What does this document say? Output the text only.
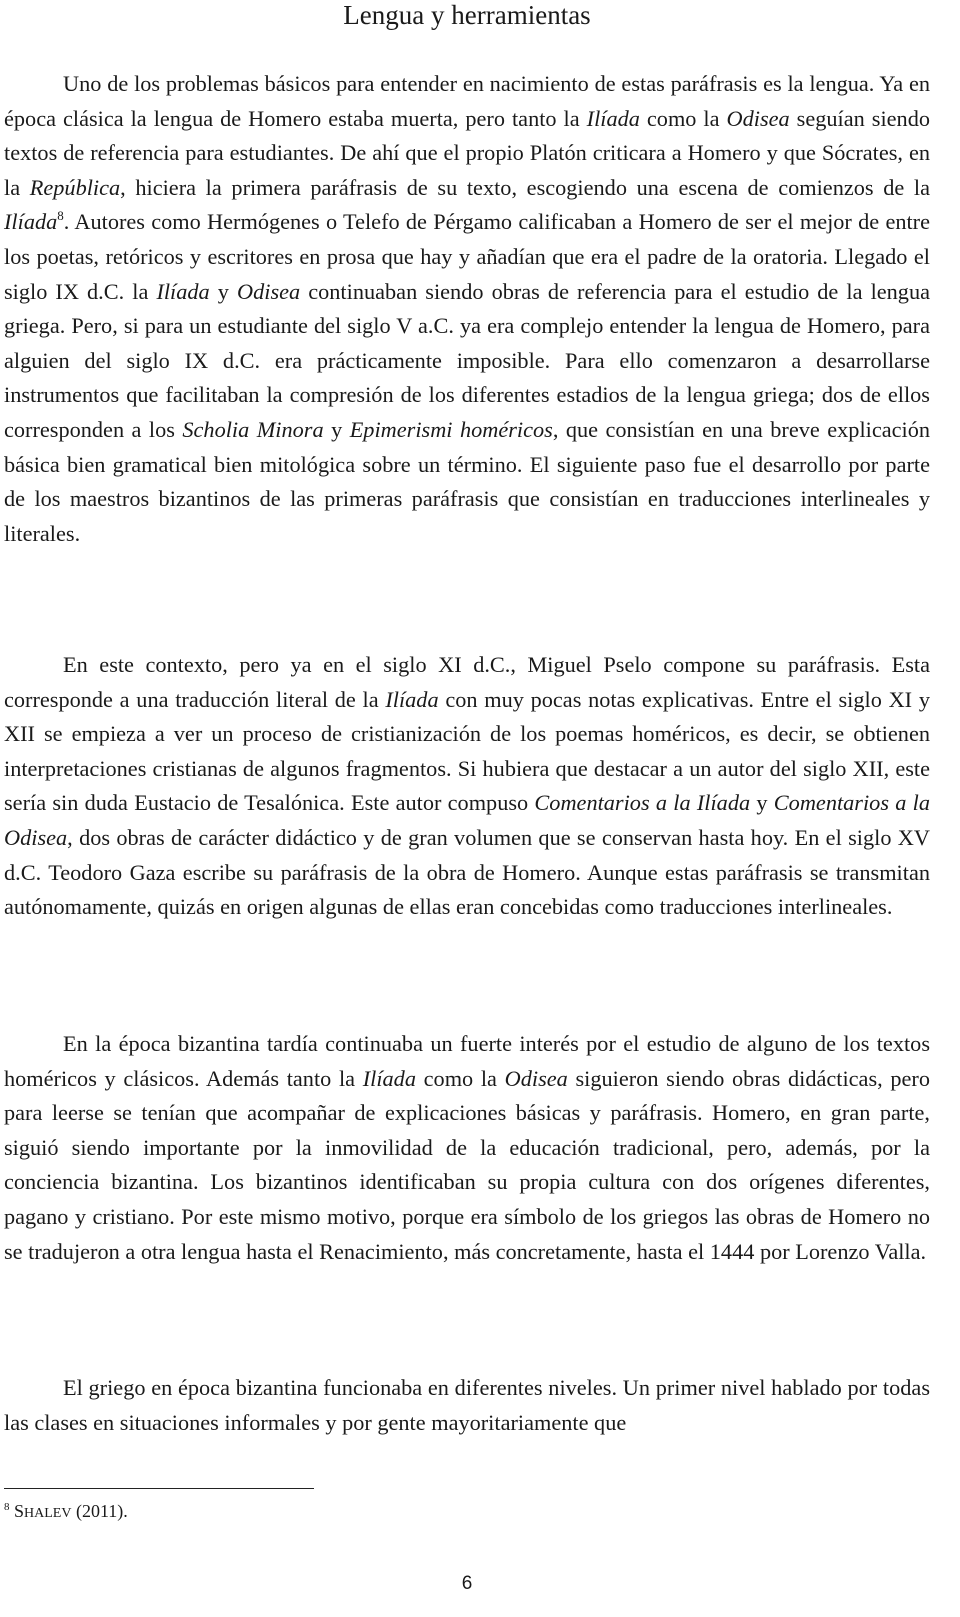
Lengua y herramientas

Uno de los problemas básicos para entender en nacimiento de estas paráfrasis es la lengua. Ya en época clásica la lengua de Homero estaba muerta, pero tanto la Ilíada como la Odisea seguían siendo textos de referencia para estudiantes. De ahí que el propio Platón criticara a Homero y que Sócrates, en la República, hiciera la primera paráfrasis de su texto, escogiendo una escena de comienzos de la Ilíada$^8$. Autores como Hermógenes o Telefo de Pérgamo calificaban a Homero de ser el mejor de entre los poetas, retóricos y escritores en prosa que hay y añadían que era el padre de la oratoria. Llegado el siglo IX d.C. la Ilíada y Odisea continuaban siendo obras de referencia para el estudio de la lengua griega. Pero, si para un estudiante del siglo V a.C. ya era complejo entender la lengua de Homero, para alguien del siglo IX d.C. era prácticamente imposible. Para ello comenzaron a desarrollarse instrumentos que facilitaban la compresión de los diferentes estadios de la lengua griega; dos de ellos corresponden a los Scholia Minora y Epimerismi homéricos, que consistían en una breve explicación básica bien gramatical bien mitológica sobre un término. El siguiente paso fue el desarrollo por parte de los maestros bizantinos de las primeras paráfrasis que consistían en traducciones interlineales y literales.

En este contexto, pero ya en el siglo XI d.C., Miguel Pselo compone su paráfrasis. Esta corresponde a una traducción literal de la Ilíada con muy pocas notas explicativas. Entre el siglo XI y XII se empieza a ver un proceso de cristianización de los poemas homéricos, es decir, se obtienen interpretaciones cristianas de algunos fragmentos. Si hubiera que destacar a un autor del siglo XII, este sería sin duda Eustacio de Tesalónica. Este autor compuso Comentarios a la Ilíada y Comentarios a la Odisea, dos obras de carácter didáctico y de gran volumen que se conservan hasta hoy. En el siglo XV d.C. Teodoro Gaza escribe su paráfrasis de la obra de Homero. Aunque estas paráfrasis se transmitan autónomamente, quizás en origen algunas de ellas eran concebidas como traducciones interlineales.

En la época bizantina tardía continuaba un fuerte interés por el estudio de alguno de los textos homéricos y clásicos. Además tanto la Ilíada como la Odisea siguieron siendo obras didácticas, pero para leerse se tenían que acompañar de explicaciones básicas y paráfrasis. Homero, en gran parte, siguió siendo importante por la inmovilidad de la educación tradicional, pero, además, por la conciencia bizantina. Los bizantinos identificaban su propia cultura con dos orígenes diferentes, pagano y cristiano. Por este mismo motivo, porque era símbolo de los griegos las obras de Homero no se tradujeron a otra lengua hasta el Renacimiento, más concretamente, hasta el 1444 por Lorenzo Valla.

El griego en época bizantina funcionaba en diferentes niveles. Un primer nivel hablado por todas las clases en situaciones informales y por gente mayoritariamente que

$^8$ SHALEV (2011).
6
